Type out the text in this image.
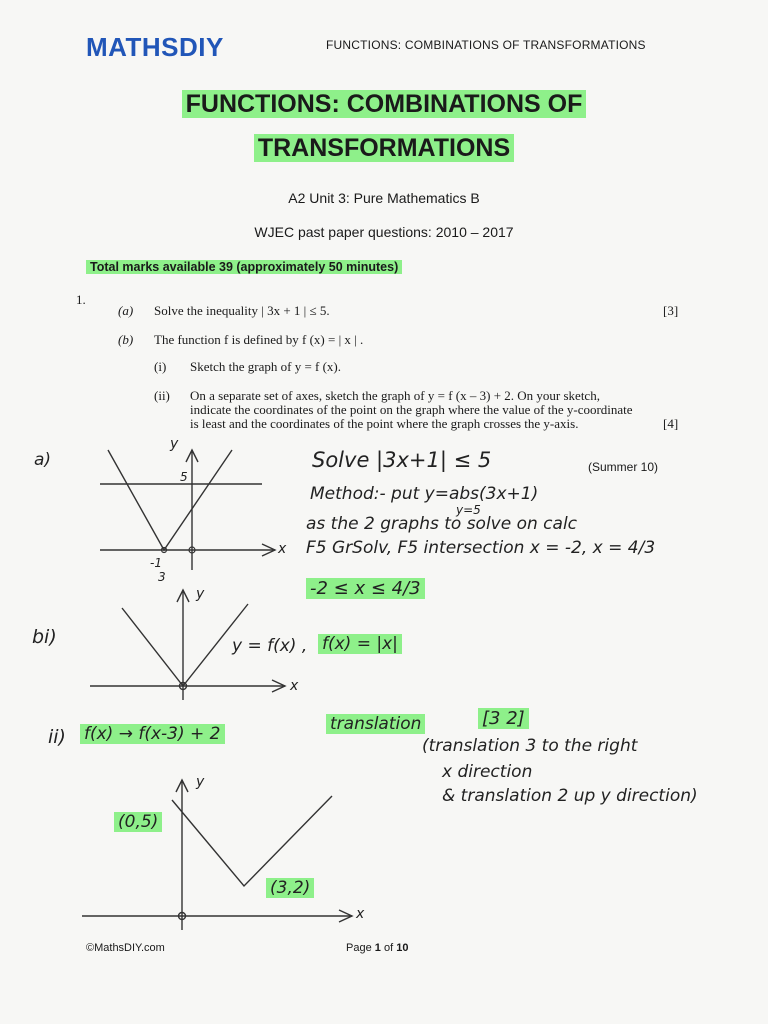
MATHSDIY	FUNCTIONS: COMBINATIONS OF TRANSFORMATIONS
FUNCTIONS: COMBINATIONS OF
TRANSFORMATIONS
A2 Unit 3: Pure Mathematics B
WJEC past paper questions: 2010 – 2017
Total marks available 39 (approximately 50 minutes)
1.
(a) Solve the inequality | 3x + 1 | ≤ 5.	[3]
(b) The function f is defined by f (x) = | x | .
(i) Sketch the graph of y = f (x).
(ii) On a separate set of axes, sketch the graph of y = f (x – 3) + 2. On your sketch,
indicate the coordinates of the point on the graph where the value of the y-coordinate
is least and the coordinates of the point where the graph crosses the y-axis.	[4]
a)
y
5
-1
3
x
Solve |3x+1| ≤ 5	(Summer 10)
Method:- put y=abs(3x+1)
y=5
as the 2 graphs to solve on calc
F5 GrSolv, F5 intersection x = -2, x = 4/3
-2 ≤ x ≤ 4/3
bi)
y
x
y = f(x) , f(x) = |x|
ii) f(x) → f(x-3) + 2	translation	[3 2]
(translation 3 to the right
x direction
& translation 2 up y direction)
y
(0,5)
(3,2)
x
©MathsDIY.com	Page 1 of 10
